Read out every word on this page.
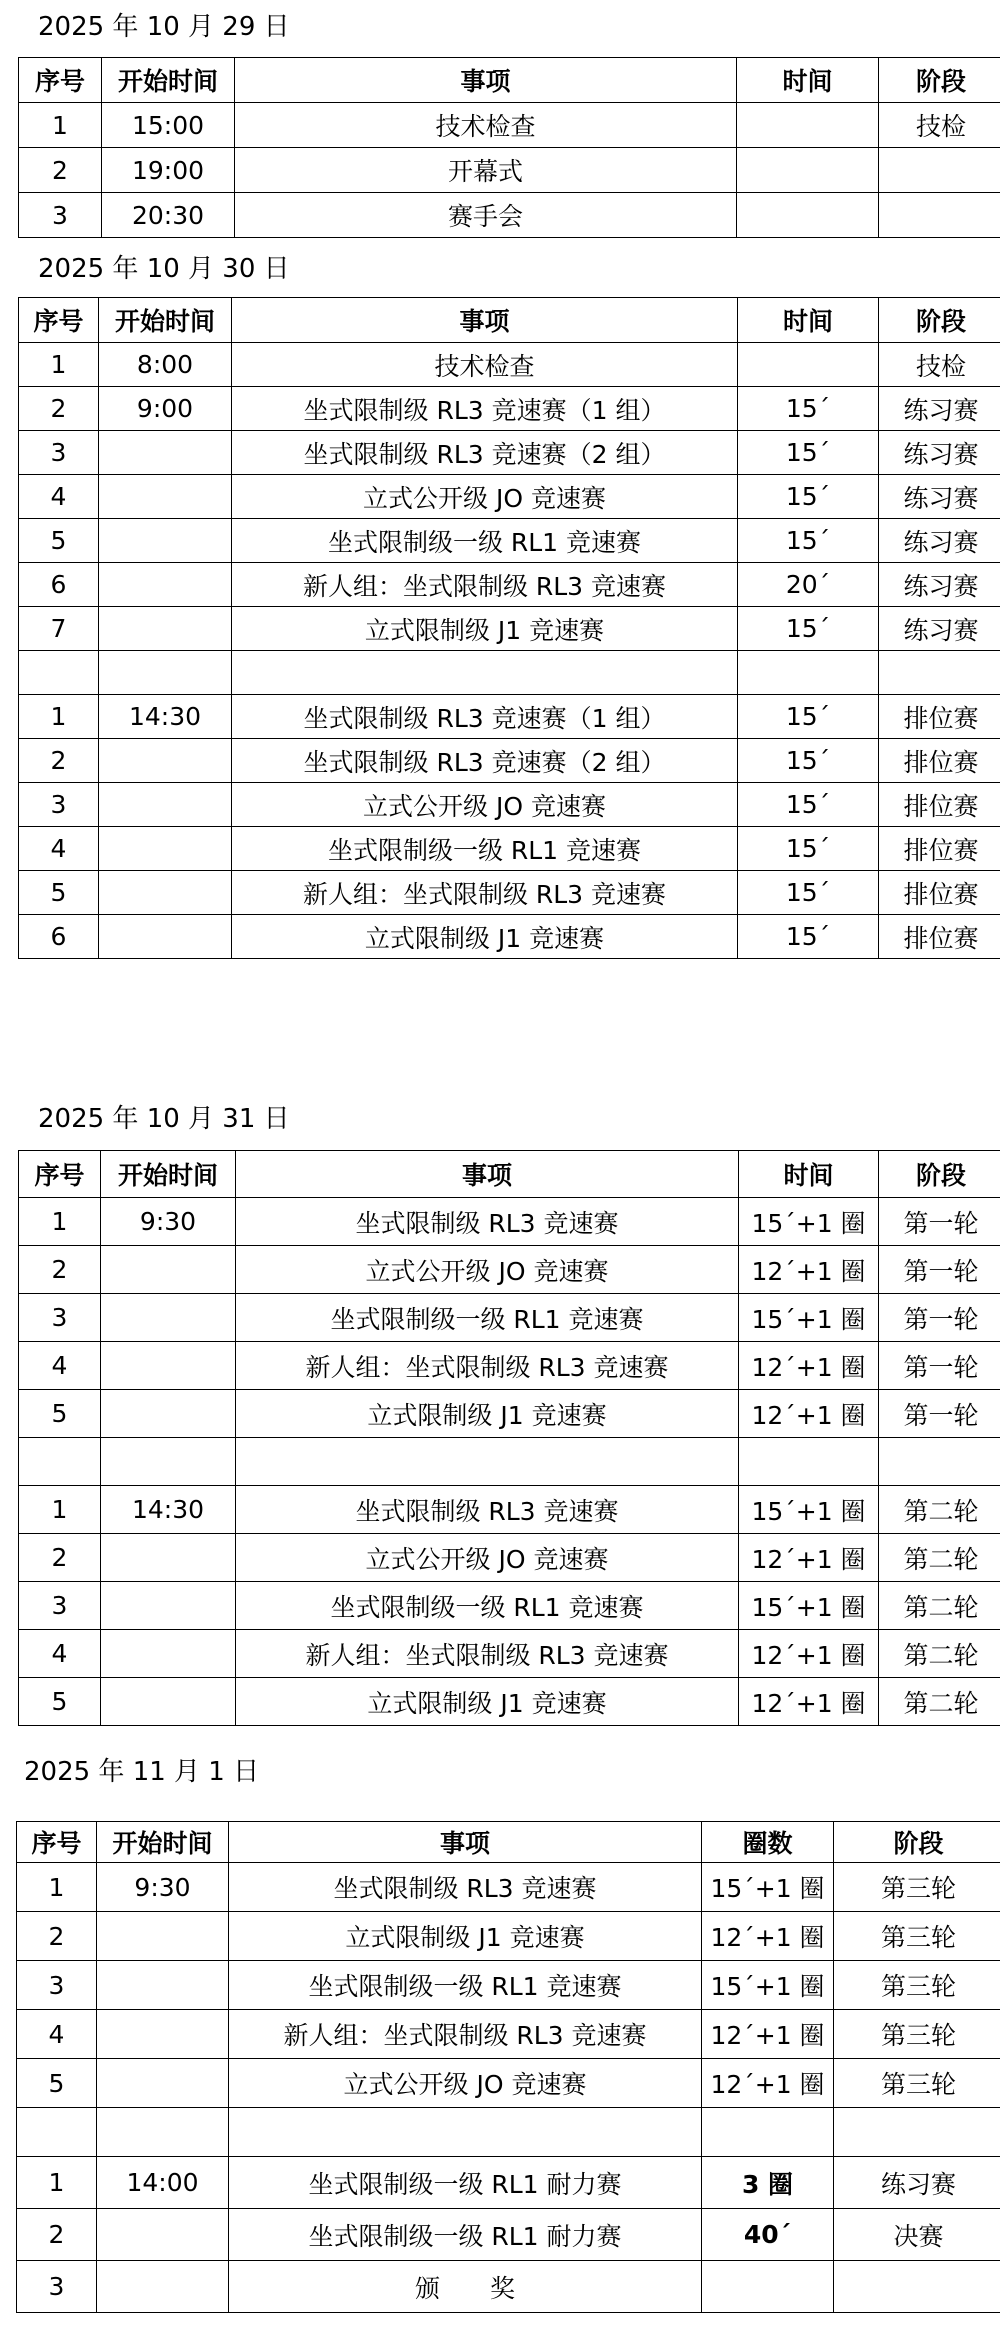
2025 年 10 月 29 日
序号	开始时间	事项	时间	阶段
1	15:00	技术检查		技检
2	19:00	开幕式		
3	20:30	赛手会		
2025 年 10 月 30 日
序号	开始时间	事项	时间	阶段
1	8:00	技术检查		技检
2	9:00	坐式限制级 RL3 竞速赛（1 组）	15´	练习赛
3		坐式限制级 RL3 竞速赛（2 组）	15´	练习赛
4		立式公开级 JO 竞速赛	15´	练习赛
5		坐式限制级一级 RL1 竞速赛	15´	练习赛
6		新人组：坐式限制级 RL3 竞速赛	20´	练习赛
7		立式限制级 J1 竞速赛	15´	练习赛

1	14:30	坐式限制级 RL3 竞速赛（1 组）	15´	排位赛
2		坐式限制级 RL3 竞速赛（2 组）	15´	排位赛
3		立式公开级 JO 竞速赛	15´	排位赛
4		坐式限制级一级 RL1 竞速赛	15´	排位赛
5		新人组：坐式限制级 RL3 竞速赛	15´	排位赛
6		立式限制级 J1 竞速赛	15´	排位赛
2025 年 10 月 31 日
序号	开始时间	事项	时间	阶段
1	9:30	坐式限制级 RL3 竞速赛	15´+1 圈	第一轮
2		立式公开级 JO 竞速赛	12´+1 圈	第一轮
3		坐式限制级一级 RL1 竞速赛	15´+1 圈	第一轮
4		新人组：坐式限制级 RL3 竞速赛	12´+1 圈	第一轮
5		立式限制级 J1 竞速赛	12´+1 圈	第一轮

1	14:30	坐式限制级 RL3 竞速赛	15´+1 圈	第二轮
2		立式公开级 JO 竞速赛	12´+1 圈	第二轮
3		坐式限制级一级 RL1 竞速赛	15´+1 圈	第二轮
4		新人组：坐式限制级 RL3 竞速赛	12´+1 圈	第二轮
5		立式限制级 J1 竞速赛	12´+1 圈	第二轮
2025 年 11 月 1 日
序号	开始时间	事项	圈数	阶段
1	9:30	坐式限制级 RL3 竞速赛	15´+1 圈	第三轮
2		立式限制级 J1 竞速赛	12´+1 圈	第三轮
3		坐式限制级一级 RL1 竞速赛	15´+1 圈	第三轮
4		新人组：坐式限制级 RL3 竞速赛	12´+1 圈	第三轮
5		立式公开级 JO 竞速赛	12´+1 圈	第三轮

1	14:00	坐式限制级一级 RL1 耐力赛	3 圈	练习赛
2		坐式限制级一级 RL1 耐力赛	40´	决赛
3		颁　　奖		
